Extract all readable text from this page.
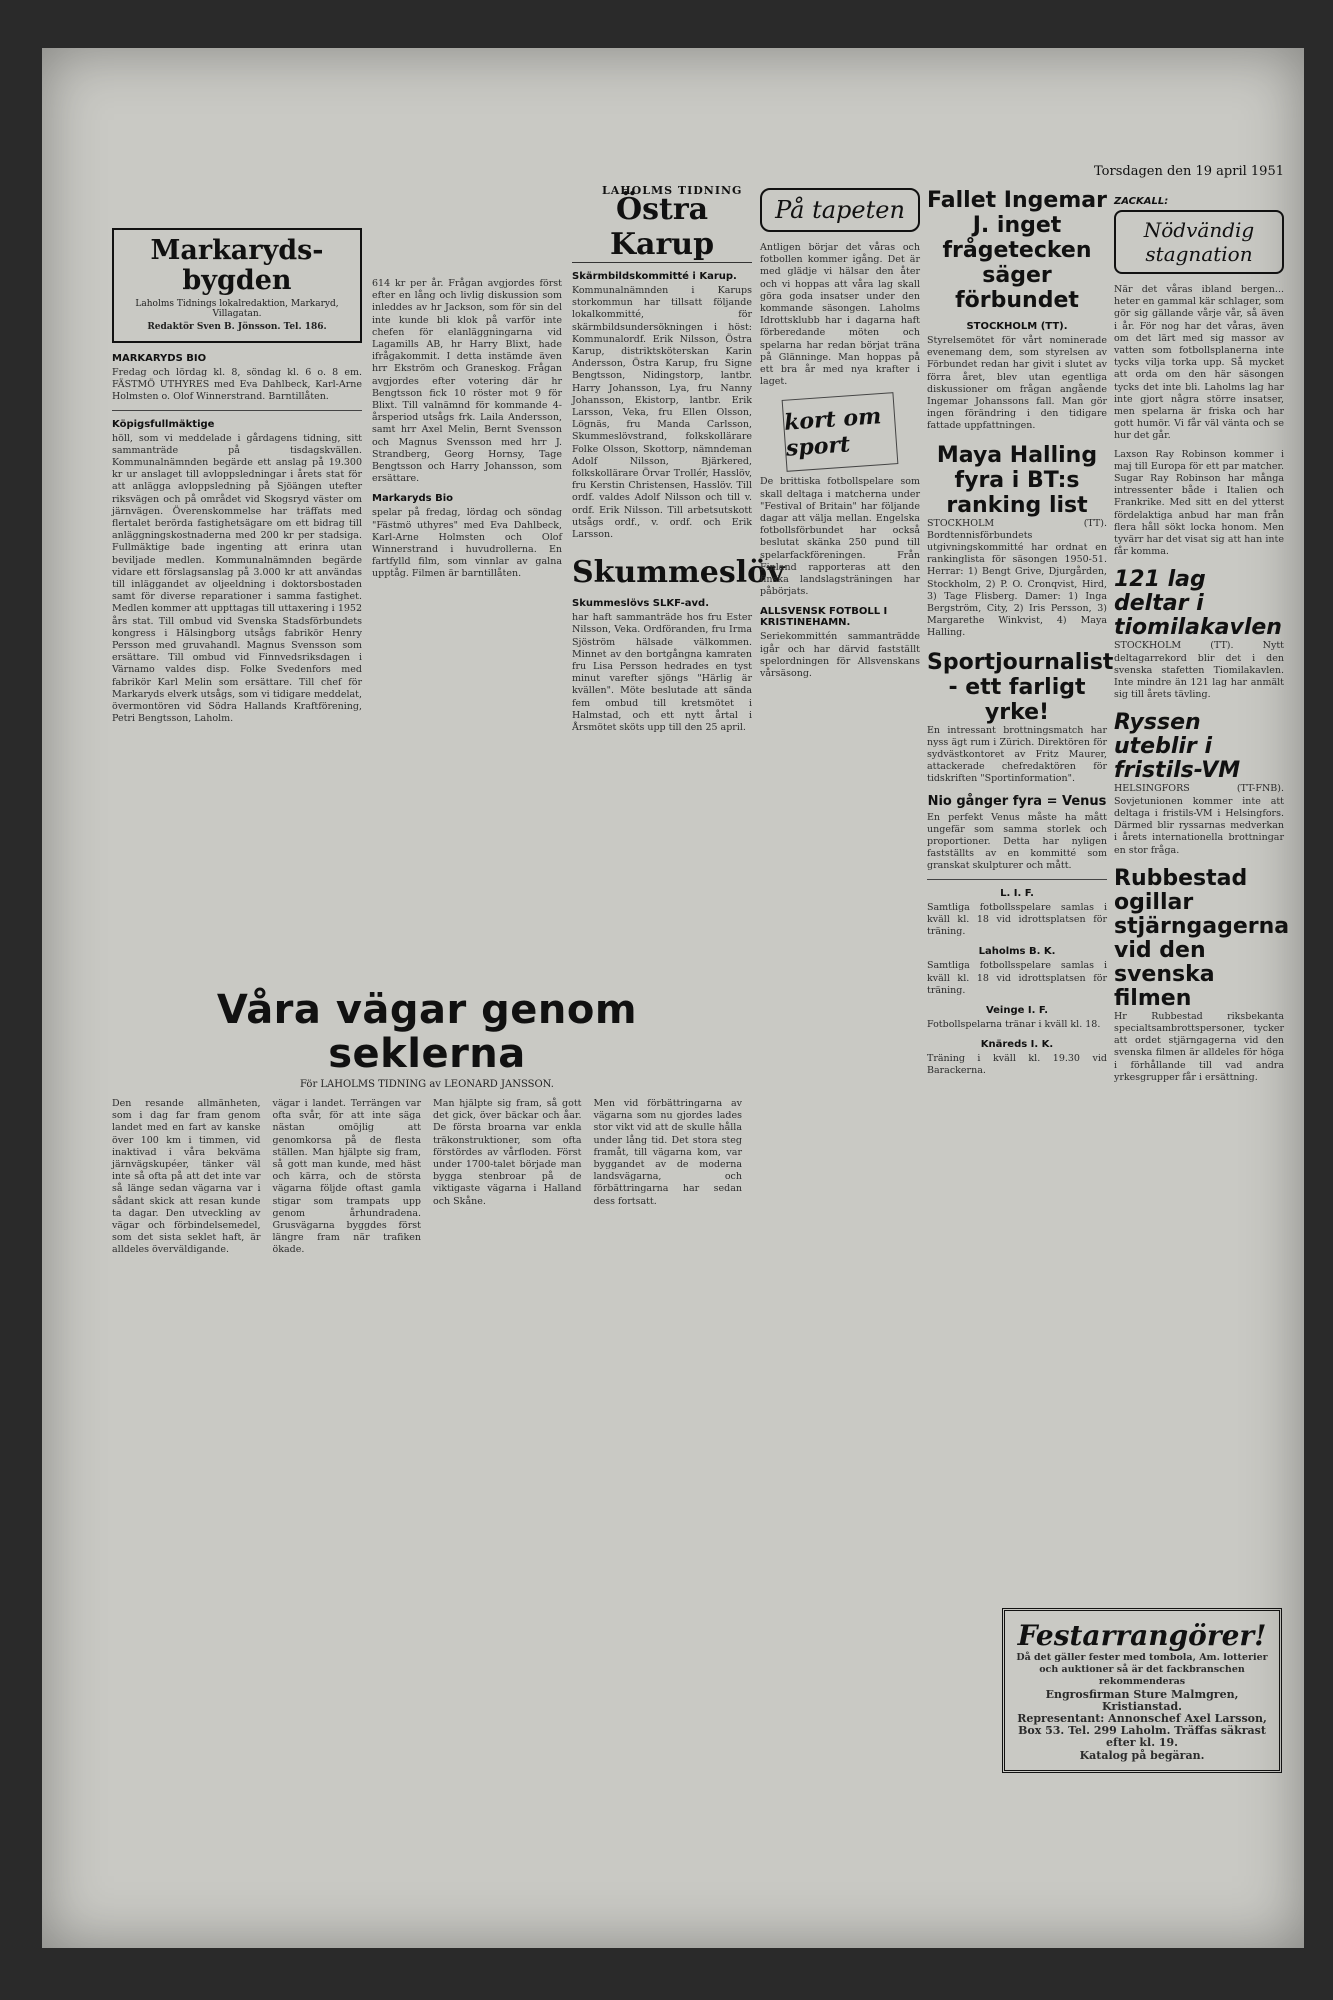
LAHOLMS TIDNING
Torsdagen den 19 april 1951
Markaryds-bygden
Laholms Tidnings lokalredaktion, Markaryd, Villagatan.
Redaktör Sven B. Jönsson. Tel. 186.
MARKARYDS BIO
Fredag och lördag kl. 8, söndag kl. 6 o. 8 em. FÄSTMÖ UTHYRES med Eva Dahlbeck, Karl-Arne Holmsten o. Olof Winnerstrand. Barntillåten.
Köpigsfullmäktige
höll, som vi meddelade i gårdagens tidning, sitt sammanträde på tisdagskvällen. Kommunalnämnden begärde ett anslag på 19.300 kr ur anslaget till avloppsledningar i årets stat för att anlägga avloppsledning på Sjöängen utefter riksvägen och på området vid Skogsryd väster om järnvägen. Överenskommelse har träffats med flertalet berörda fastighetsägare om ett bidrag till anläggningskostnaderna med 200 kr per stadsiga. Fullmäktige bade ingenting att erinra utan beviljade medlen. Kommunalnämnden begärde vidare ett förslagsanslag på 3.000 kr att användas till inläggandet av oljeeldning i doktorsbostaden samt för diverse reparationer i samma fastighet. Medlen kommer att uppttagas till uttaxering i 1952 års stat. Till ombud vid Svenska Stadsförbundets kongress i Hälsingborg utsågs fabrikör Henry Persson med gruvahandl. Magnus Svensson som ersättare. Till ombud vid Finnvedsriksdagen i Värnamo valdes disp. Folke Svedenfors med fabrikör Karl Melin som ersättare. Till chef för Markaryds elverk utsågs, som vi tidigare meddelat, övermontören vid Södra Hallands Kraftförening, Petri Bengtsson, Laholm.
614 kr per år. Frågan avgjordes först efter en lång och livlig diskussion som inleddes av hr Jackson, som för sin del inte kunde bli klok på varför inte chefen för elanläggningarna vid Lagamills AB, hr Harry Blixt, hade ifrågakommit. I detta instämde även hrr Ekström och Graneskog. Frågan avgjordes efter votering där hr Bengtsson fick 10 röster mot 9 för Blixt. Till valnämnd för kommande 4-årsperiod utsågs frk. Laila Andersson, samt hrr Axel Melin, Bernt Svensson och Magnus Svensson med hrr J. Strandberg, Georg Hornsy, Tage Bengtsson och Harry Johansson, som ersättare.
Markaryds Bio
spelar på fredag, lördag och söndag "Fästmö uthyres" med Eva Dahlbeck, Karl-Arne Holmsten och Olof Winnerstrand i huvudrollerna. En fartfylld film, som vinnlar av galna upptåg. Filmen är barntillåten.
Östra Karup
Skärmbildskommitté i Karup.
Kommunalnämnden i Karups storkommun har tillsatt följande lokalkommitté, för skärmbildsundersökningen i höst: Kommunalordf. Erik Nilsson, Östra Karup, distriktsköterskan Karin Andersson, Östra Karup, fru Signe Bengtsson, Nidingstorp, lantbr. Harry Johansson, Lya, fru Nanny Johansson, Ekistorp, lantbr. Erik Larsson, Veka, fru Ellen Olsson, Lögnäs, fru Manda Carlsson, Skummeslövstrand, folkskollärare Folke Olsson, Skottorp, nämndeman Adolf Nilsson, Bjärkered, folkskollärare Örvar Trollér, Hasslöv, fru Kerstin Christensen, Hasslöv. Till ordf. valdes Adolf Nilsson och till v. ordf. Erik Nilsson. Till arbetsutskott utsågs ordf., v. ordf. och Erik Larsson.
Skummeslöv
Skummeslövs SLKF-avd.
har haft sammanträde hos fru Ester Nilsson, Veka. Ordföranden, fru Irma Sjöström hälsade välkommen. Minnet av den bortgångna kamraten fru Lisa Persson hedrades en tyst minut varefter sjöngs "Härlig är kvällen". Möte beslutade att sända fem ombud till kretsmötet i Halmstad, och ett nytt årtal i Årsmötet sköts upp till den 25 april.
På tapeten
Antligen börjar det våras och fotbollen kommer igång. Det är med glädje vi hälsar den åter och vi hoppas att våra lag skall göra goda insatser under den kommande säsongen. Laholms Idrottsklubb har i dagarna haft förberedande möten och spelarna har redan börjat träna på Glänninge. Man hoppas på ett bra år med nya krafter i laget.
kort om sport
De brittiska fotbollspelare som skall deltaga i matcherna under "Festival of Britain" har följande dagar att välja mellan. Engelska fotbollsförbundet har också beslutat skänka 250 pund till spelarfackföreningen. Från Finland rapporteras att den finska landslagsträningen har påbörjats.
ALLSVENSK FOTBOLL I KRISTINEHAMN.
Seriekommittén sammanträdde igår och har därvid fastställt spelordningen för Allsvenskans vårsäsong.
Fallet Ingemar J. inget frågetecken säger förbundet
STOCKHOLM (TT).
Styrelsemötet för vårt nominerade evenemang dem, som styrelsen av Förbundet redan har givit i slutet av förra året, blev utan egentliga diskussioner om frågan angående Ingemar Johanssons fall. Man gör ingen förändring i den tidigare fattade uppfattningen.
Maya Halling fyra i BT:s ranking list
STOCKHOLM (TT). Bordtennisförbundets utgivningskommitté har ordnat en rankinglista för säsongen 1950-51. Herrar: 1) Bengt Grive, Djurgården, Stockholm, 2) P. O. Cronqvist, Hird, 3) Tage Flisberg. Damer: 1) Inga Bergström, City, 2) Iris Persson, 3) Margarethe Winkvist, 4) Maya Halling.
Sportjournalist - ett farligt yrke!
En intressant brottningsmatch har nyss ägt rum i Zürich. Direktören för sydvästkontoret av Fritz Maurer, attackerade chefredaktören för tidskriften "Sportinformation".
Nio gånger fyra = Venus
En perfekt Venus måste ha mått ungefär som samma storlek och proportioner. Detta har nyligen fastställts av en kommitté som granskat skulpturer och mått.
L. I. F.
Samtliga fotbollsspelare samlas i kväll kl. 18 vid idrottsplatsen för träning.
Laholms B. K.
Samtliga fotbollsspelare samlas i kväll kl. 18 vid idrottsplatsen för träning.
Veinge I. F.
Fotbollspelarna tränar i kväll kl. 18.
Knäreds I. K.
Träning i kväll kl. 19.30 vid Barackerna.
ZACKALL:
Nödvändig stagnation
När det våras ibland bergen... heter en gammal kär schlager, som gör sig gällande vårje vår, så även i år. För nog har det våras, även om det lärt med sig massor av vatten som fotbollsplanerna inte tycks vilja torka upp. Så mycket att orda om den här säsongen tycks det inte bli. Laholms lag har inte gjort några större insatser, men spelarna är friska och har gott humör. Vi får väl vänta och se hur det går.
Laxson Ray Robinson kommer i maj till Europa för ett par matcher. Sugar Ray Robinson har många intressenter både i Italien och Frankrike. Med sitt en del ytterst fördelaktiga anbud har man från flera håll sökt locka honom. Men tyvärr har det visat sig att han inte får komma.
121 lag deltar i tiomilakavlen
STOCKHOLM (TT). Nytt deltagarrekord blir det i den svenska stafetten Tiomilakavlen. Inte mindre än 121 lag har anmält sig till årets tävling.
Ryssen uteblir i fristils-VM
HELSINGFORS (TT-FNB). Sovjetunionen kommer inte att deltaga i fristils-VM i Helsingfors. Därmed blir ryssarnas medverkan i årets internationella brottningar en stor fråga.
Rubbestad ogillar stjärngagerna vid den svenska filmen
Hr Rubbestad riksbekanta specialtsambrottspersoner, tycker att ordet stjärngagerna vid den svenska filmen är alldeles för höga i förhållande till vad andra yrkesgrupper får i ersättning.
Festarrangörer!
Då det gäller fester med tombola, Am. lotterier och auktioner så är det fackbranschen rekommenderas
Engrosfirman Sture Malmgren, Kristianstad.
Representant: Annonschef Axel Larsson, Box 53. Tel. 299 Laholm. Träffas säkrast efter kl. 19.
Katalog på begäran.
Våra vägar genom seklerna
För LAHOLMS TIDNING av LEONARD JANSSON.
Den resande allmänheten, som i dag far fram genom landet med en fart av kanske över 100 km i timmen, vid inaktivad i våra bekväma järnvägskupéer, tänker väl inte så ofta på att det inte var så länge sedan vägarna var i sådant skick att resan kunde ta dagar. Den utveckling av vägar och förbindelsemedel, som det sista seklet haft, är alldeles överväldigande.
vägar i landet. Terrängen var ofta svår, för att inte säga nästan omöjlig att genomkorsa på de flesta ställen. Man hjälpte sig fram, så gott man kunde, med häst och kärra, och de största vägarna följde oftast gamla stigar som trampats upp genom århundradena. Grusvägarna byggdes först längre fram när trafiken ökade.
Man hjälpte sig fram, så gott det gick, över bäckar och åar. De första broarna var enkla träkonstruktioner, som ofta förstördes av vårfloden. Först under 1700-talet började man bygga stenbroar på de viktigaste vägarna i Halland och Skåne.
Men vid förbättringarna av vägarna som nu gjordes lades stor vikt vid att de skulle hålla under lång tid. Det stora steg framåt, till vägarna kom, var byggandet av de moderna landsvägarna, och förbättringarna har sedan dess fortsatt.
